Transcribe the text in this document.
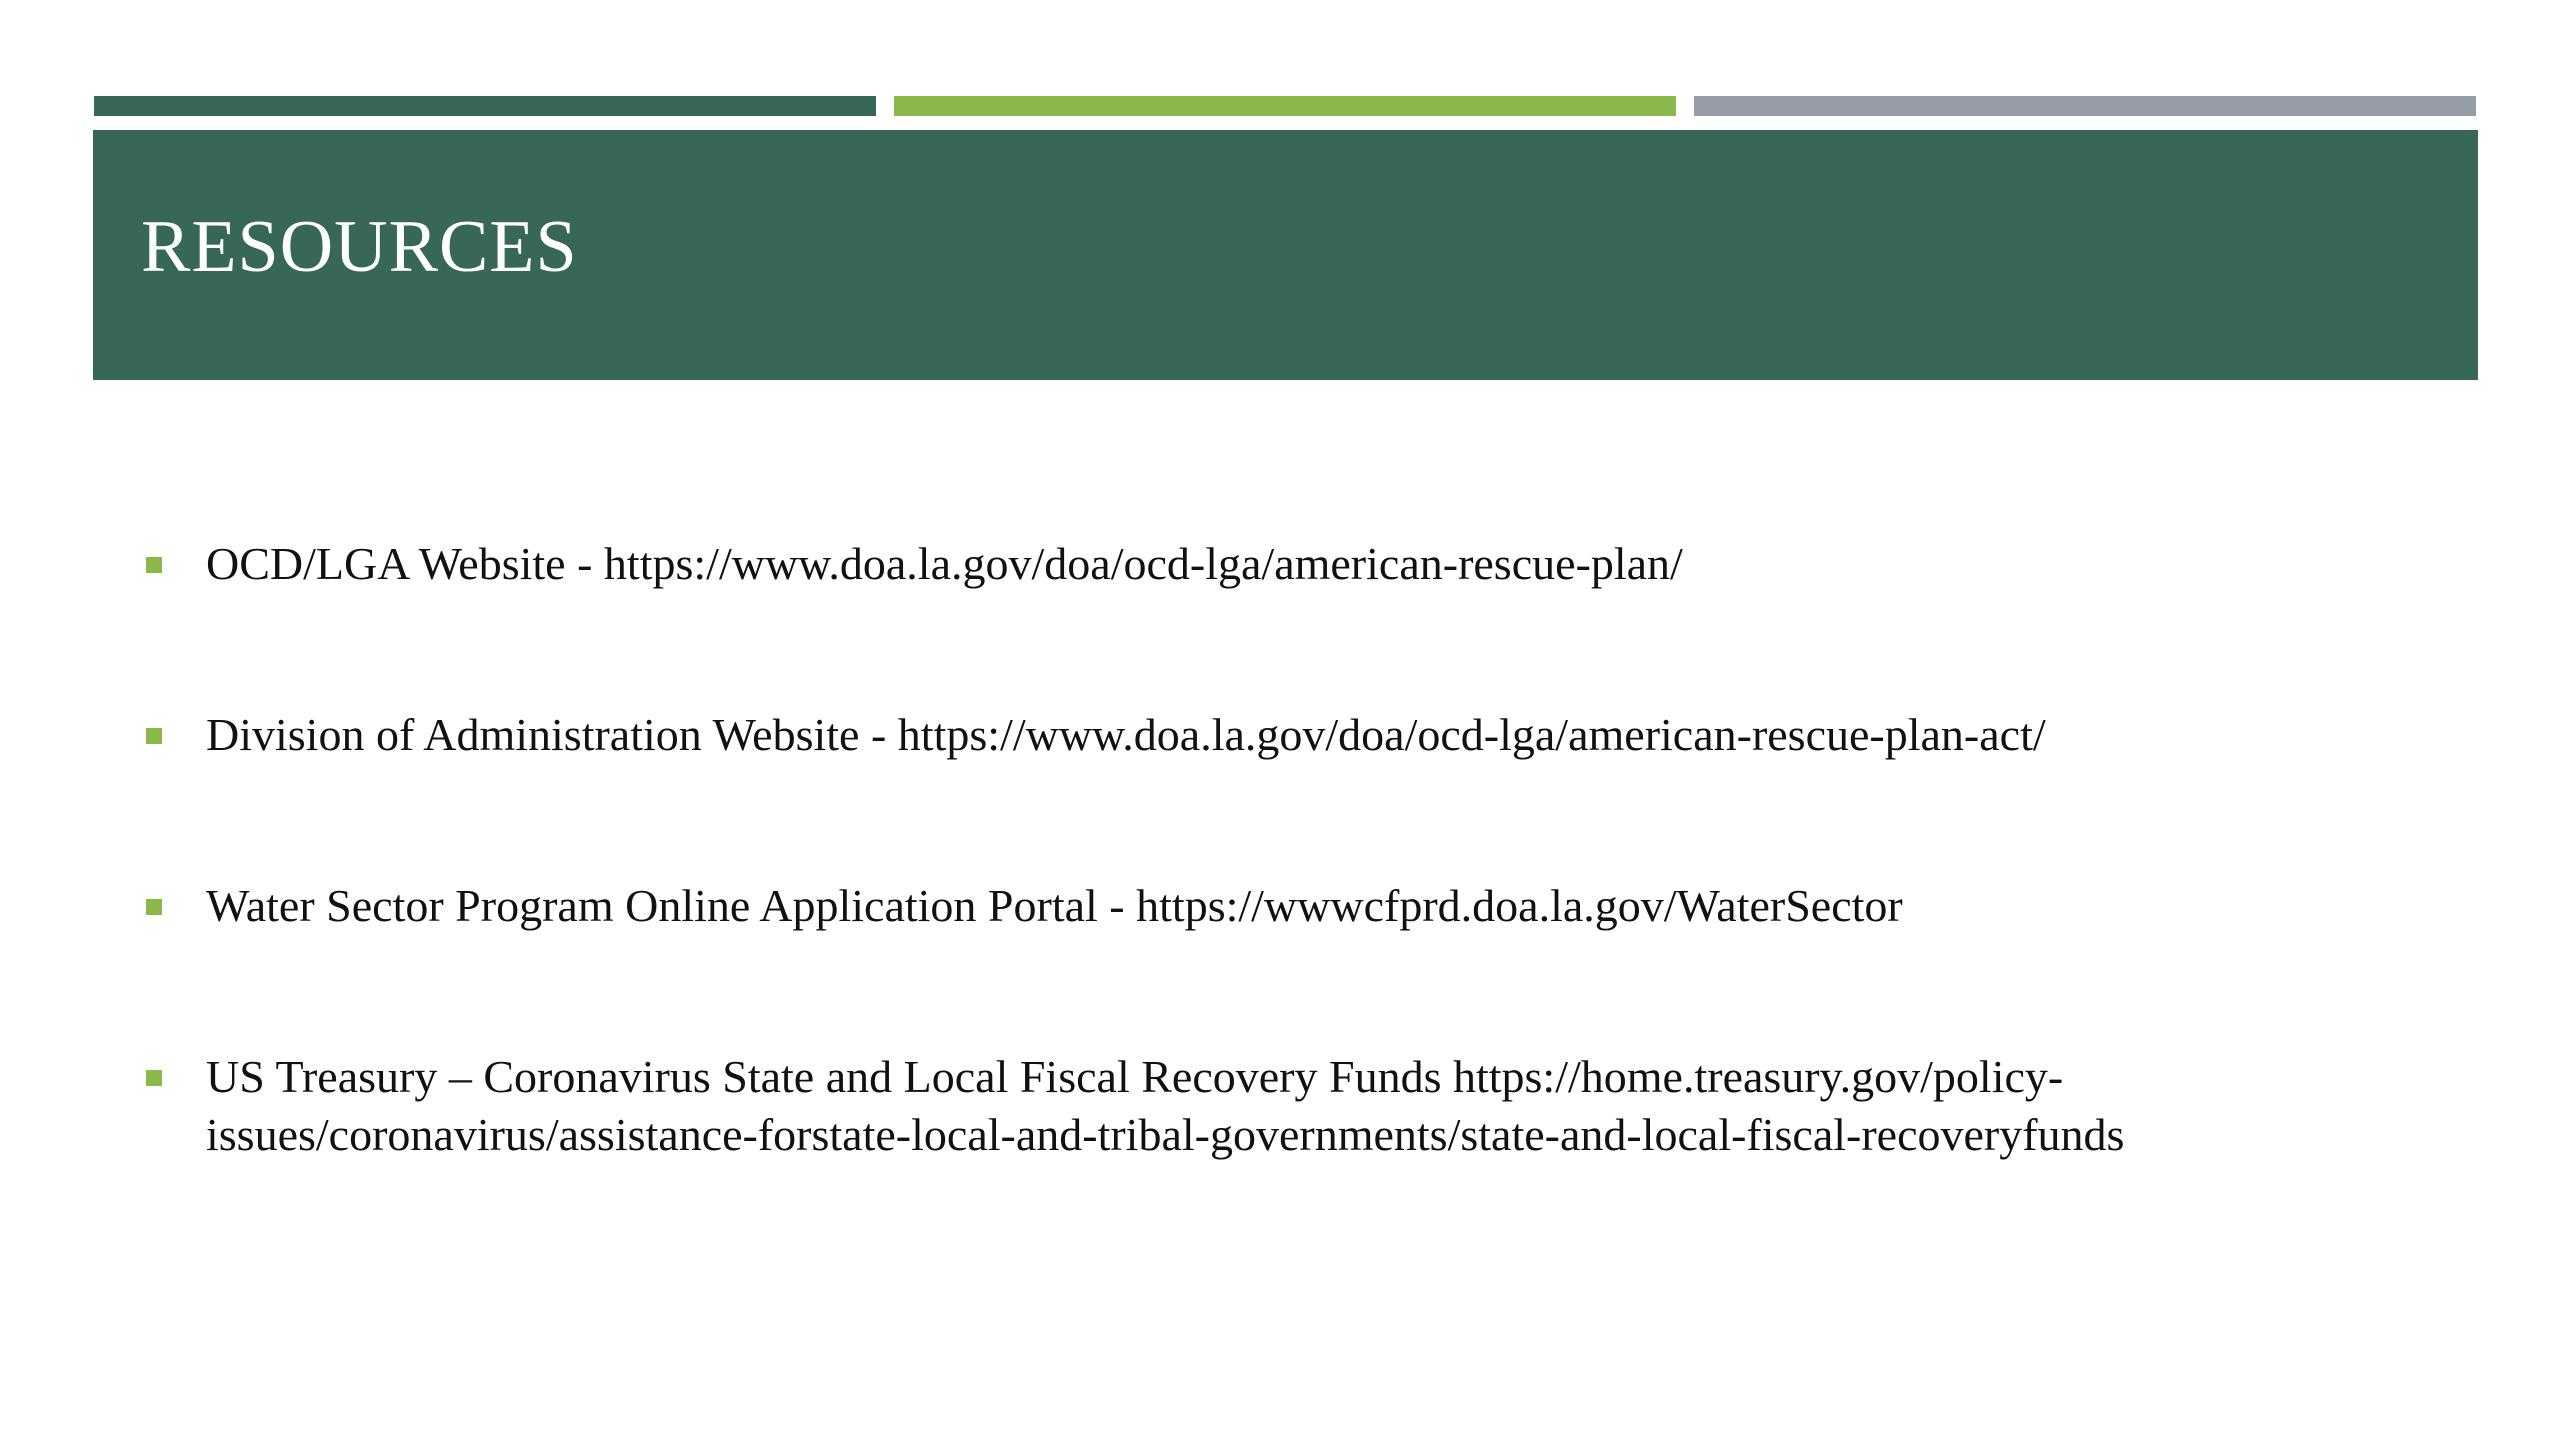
RESOURCES
OCD/LGA Website - https://www.doa.la.gov/doa/ocd-lga/american-rescue-plan/
Division of Administration Website - https://www.doa.la.gov/doa/ocd-lga/american-rescue-plan-act/
Water Sector Program Online Application Portal - https://wwwcfprd.doa.la.gov/WaterSector
US Treasury – Coronavirus State and Local Fiscal Recovery Funds https://home.treasury.gov/policy-issues/coronavirus/assistance-forstate-local-and-tribal-governments/state-and-local-fiscal-recoveryfunds
